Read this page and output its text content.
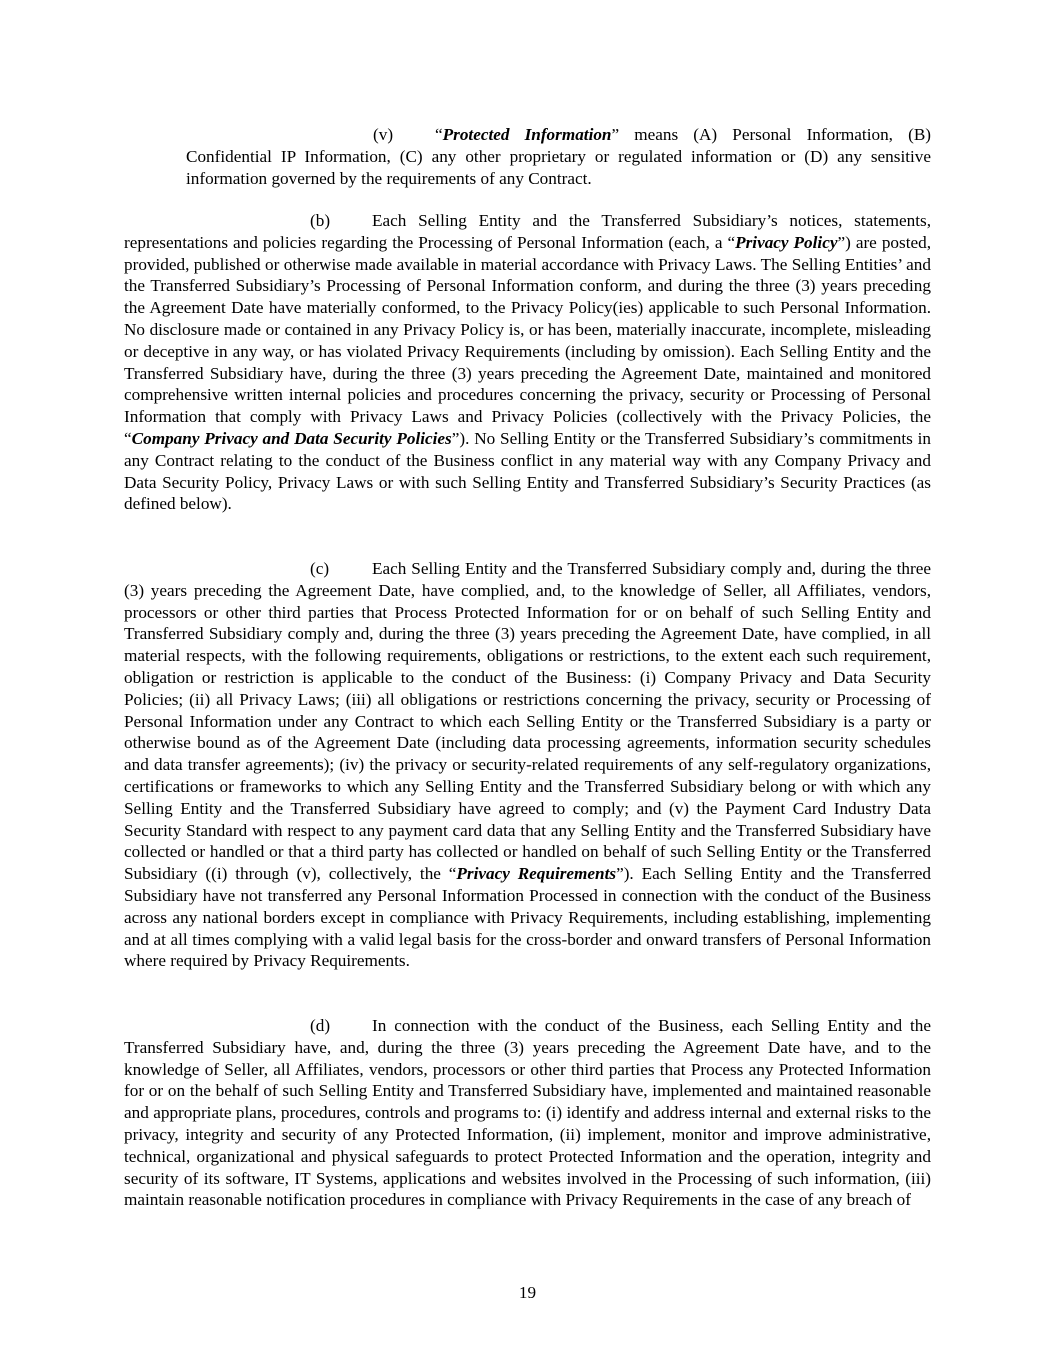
(v) “Protected Information” means (A) Personal Information, (B) Confidential IP Information, (C) any other proprietary or regulated information or (D) any sensitive information governed by the requirements of any Contract.

(b) Each Selling Entity and the Transferred Subsidiary’s notices, statements, representations and policies regarding the Processing of Personal Information (each, a “Privacy Policy”) are posted, provided, published or otherwise made available in material accordance with Privacy Laws. The Selling Entities’ and the Transferred Subsidiary’s Processing of Personal Information conform, and during the three (3) years preceding the Agreement Date have materially conformed, to the Privacy Policy(ies) applicable to such Personal Information. No disclosure made or contained in any Privacy Policy is, or has been, materially inaccurate, incomplete, misleading or deceptive in any way, or has violated Privacy Requirements (including by omission). Each Selling Entity and the Transferred Subsidiary have, during the three (3) years preceding the Agreement Date, maintained and monitored comprehensive written internal policies and procedures concerning the privacy, security or Processing of Personal Information that comply with Privacy Laws and Privacy Policies (collectively with the Privacy Policies, the “Company Privacy and Data Security Policies”). No Selling Entity or the Transferred Subsidiary’s commitments in any Contract relating to the conduct of the Business conflict in any material way with any Company Privacy and Data Security Policy, Privacy Laws or with such Selling Entity and Transferred Subsidiary’s Security Practices (as defined below).

(c) Each Selling Entity and the Transferred Subsidiary comply and, during the three (3) years preceding the Agreement Date, have complied, and, to the knowledge of Seller, all Affiliates, vendors, processors or other third parties that Process Protected Information for or on behalf of such Selling Entity and Transferred Subsidiary comply and, during the three (3) years preceding the Agreement Date, have complied, in all material respects, with the following requirements, obligations or restrictions, to the extent each such requirement, obligation or restriction is applicable to the conduct of the Business: (i) Company Privacy and Data Security Policies; (ii) all Privacy Laws; (iii) all obligations or restrictions concerning the privacy, security or Processing of Personal Information under any Contract to which each Selling Entity or the Transferred Subsidiary is a party or otherwise bound as of the Agreement Date (including data processing agreements, information security schedules and data transfer agreements); (iv) the privacy or security-related requirements of any self-regulatory organizations, certifications or frameworks to which any Selling Entity and the Transferred Subsidiary belong or with which any Selling Entity and the Transferred Subsidiary have agreed to comply; and (v) the Payment Card Industry Data Security Standard with respect to any payment card data that any Selling Entity and the Transferred Subsidiary have collected or handled or that a third party has collected or handled on behalf of such Selling Entity or the Transferred Subsidiary ((i) through (v), collectively, the “Privacy Requirements”). Each Selling Entity and the Transferred Subsidiary have not transferred any Personal Information Processed in connection with the conduct of the Business across any national borders except in compliance with Privacy Requirements, including establishing, implementing and at all times complying with a valid legal basis for the cross-border and onward transfers of Personal Information where required by Privacy Requirements.

(d) In connection with the conduct of the Business, each Selling Entity and the Transferred Subsidiary have, and, during the three (3) years preceding the Agreement Date have, and to the knowledge of Seller, all Affiliates, vendors, processors or other third parties that Process any Protected Information for or on the behalf of such Selling Entity and Transferred Subsidiary have, implemented and maintained reasonable and appropriate plans, procedures, controls and programs to: (i) identify and address internal and external risks to the privacy, integrity and security of any Protected Information, (ii) implement, monitor and improve administrative, technical, organizational and physical safeguards to protect Protected Information and the operation, integrity and security of its software, IT Systems, applications and websites involved in the Processing of such information, (iii) maintain reasonable notification procedures in compliance with Privacy Requirements in the case of any breach of

19
